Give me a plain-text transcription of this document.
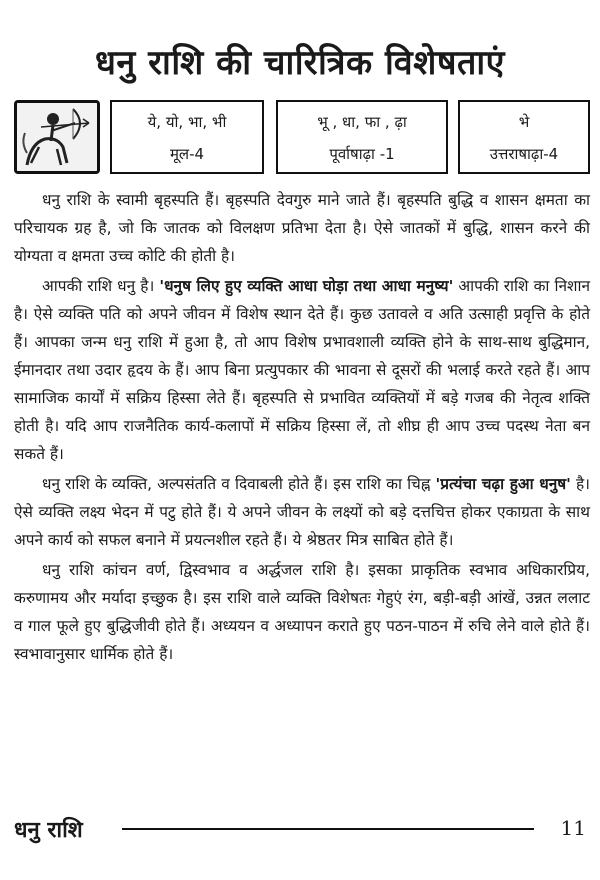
धनु राशि की चारित्रिक विशेषताएं
ये, यो, भा, भी
मूल-4
भू , धा, फा , ढ़ा
पूर्वाषाढ़ा -1
भे
उत्तराषाढ़ा-4

धनु राशि के स्वामी बृहस्पति हैं। बृहस्पति देवगुरु माने जाते हैं। बृहस्पति बुद्धि व शासन क्षमता का परिचायक ग्रह है, जो कि जातक को विलक्षण प्रतिभा देता है। ऐसे जातकों में बुद्धि, शासन करने की योग्यता व क्षमता उच्च कोटि की होती है।

आपकी राशि धनु है। 'धनुष लिए हुए व्यक्ति आधा घोड़ा तथा आधा मनुष्य' आपकी राशि का निशान है। ऐसे व्यक्ति पति को अपने जीवन में विशेष स्थान देते हैं। कुछ उतावले व अति उत्साही प्रवृत्ति के होते हैं। आपका जन्म धनु राशि में हुआ है, तो आप विशेष प्रभावशाली व्यक्ति होने के साथ-साथ बुद्धिमान, ईमानदार तथा उदार हृदय के हैं। आप बिना प्रत्युपकार की भावना से दूसरों की भलाई करते रहते हैं। आप सामाजिक कार्यों में सक्रिय हिस्सा लेते हैं। बृहस्पति से प्रभावित व्यक्तियों में बड़े गजब की नेतृत्व शक्ति होती है। यदि आप राजनैतिक कार्य-कलापों में सक्रिय हिस्सा लें, तो शीघ्र ही आप उच्च पदस्थ नेता बन सकते हैं।

धनु राशि के व्यक्ति, अल्पसंतति व दिवाबली होते हैं। इस राशि का चिह्न 'प्रत्यंचा चढ़ा हुआ धनुष' है। ऐसे व्यक्ति लक्ष्य भेदन में पटु होते हैं। ये अपने जीवन के लक्ष्यों को बड़े दत्तचित्त होकर एकाग्रता के साथ अपने कार्य को सफल बनाने में प्रयत्नशील रहते हैं। ये श्रेष्ठतर मित्र साबित होते हैं।

धनु राशि कांचन वर्ण, द्विस्वभाव व अर्द्धजल राशि है। इसका प्राकृतिक स्वभाव अधिकारप्रिय, करुणामय और मर्यादा इच्छुक है। इस राशि वाले व्यक्ति विशेषतः गेहुएं रंग, बड़ी-बड़ी आंखें, उन्नत ललाट व गाल फूले हुए बुद्धिजीवी होते हैं। अध्ययन व अध्यापन कराते हुए पठन-पाठन में रुचि लेने वाले होते हैं। स्वभावानुसार धार्मिक होते हैं।

धनु राशि	11
